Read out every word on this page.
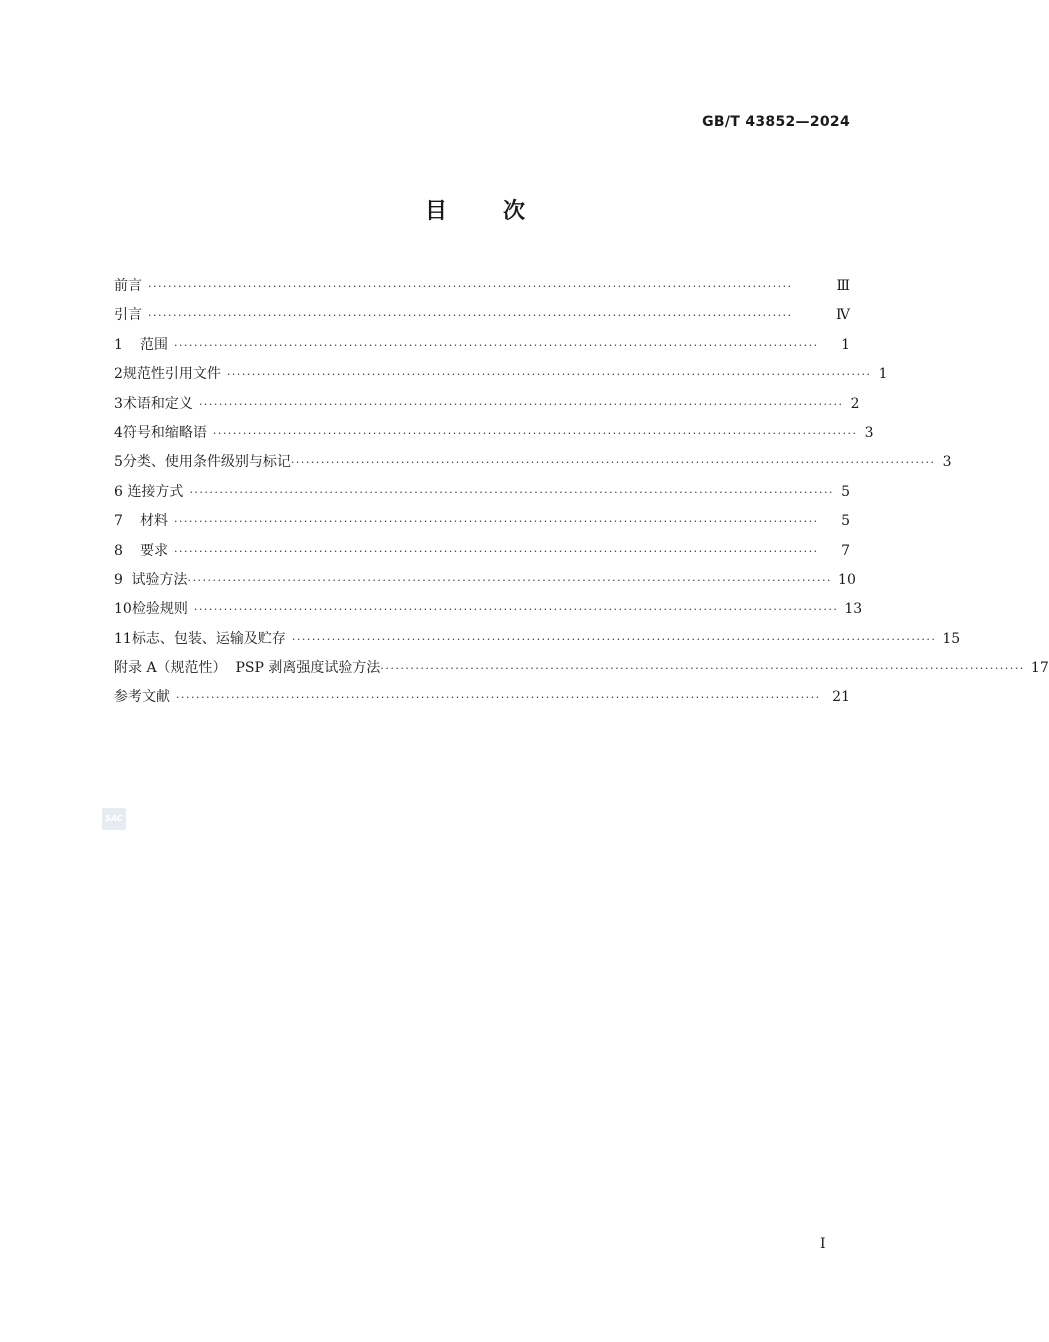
GB/T 43852—2024
目	次
前言 ·································································································································	Ⅲ
引言 ·································································································································	Ⅳ
1	范围 ·································································································································	1
2 规范性引用文件 ································································································································· 1
3 术语和定义 ································································································································· 2
4 符号和缩略语 ································································································································· 3
5 分类、使用条件级别与标记 ································································································································· 3
6 连接方式 ································································································································· 5
7	材料 ·································································································································	5
8	要求 ·································································································································	7
9 试验方法 ································································································································· 10
10 检验规则 ································································································································· 13
11 标志、包装、运输及贮存 ································································································································· 15
附录 A（规范性）  PSP 剥离强度试验方法 ································································································································· 17
参考文献 ································································································································· 21
SAC
I
